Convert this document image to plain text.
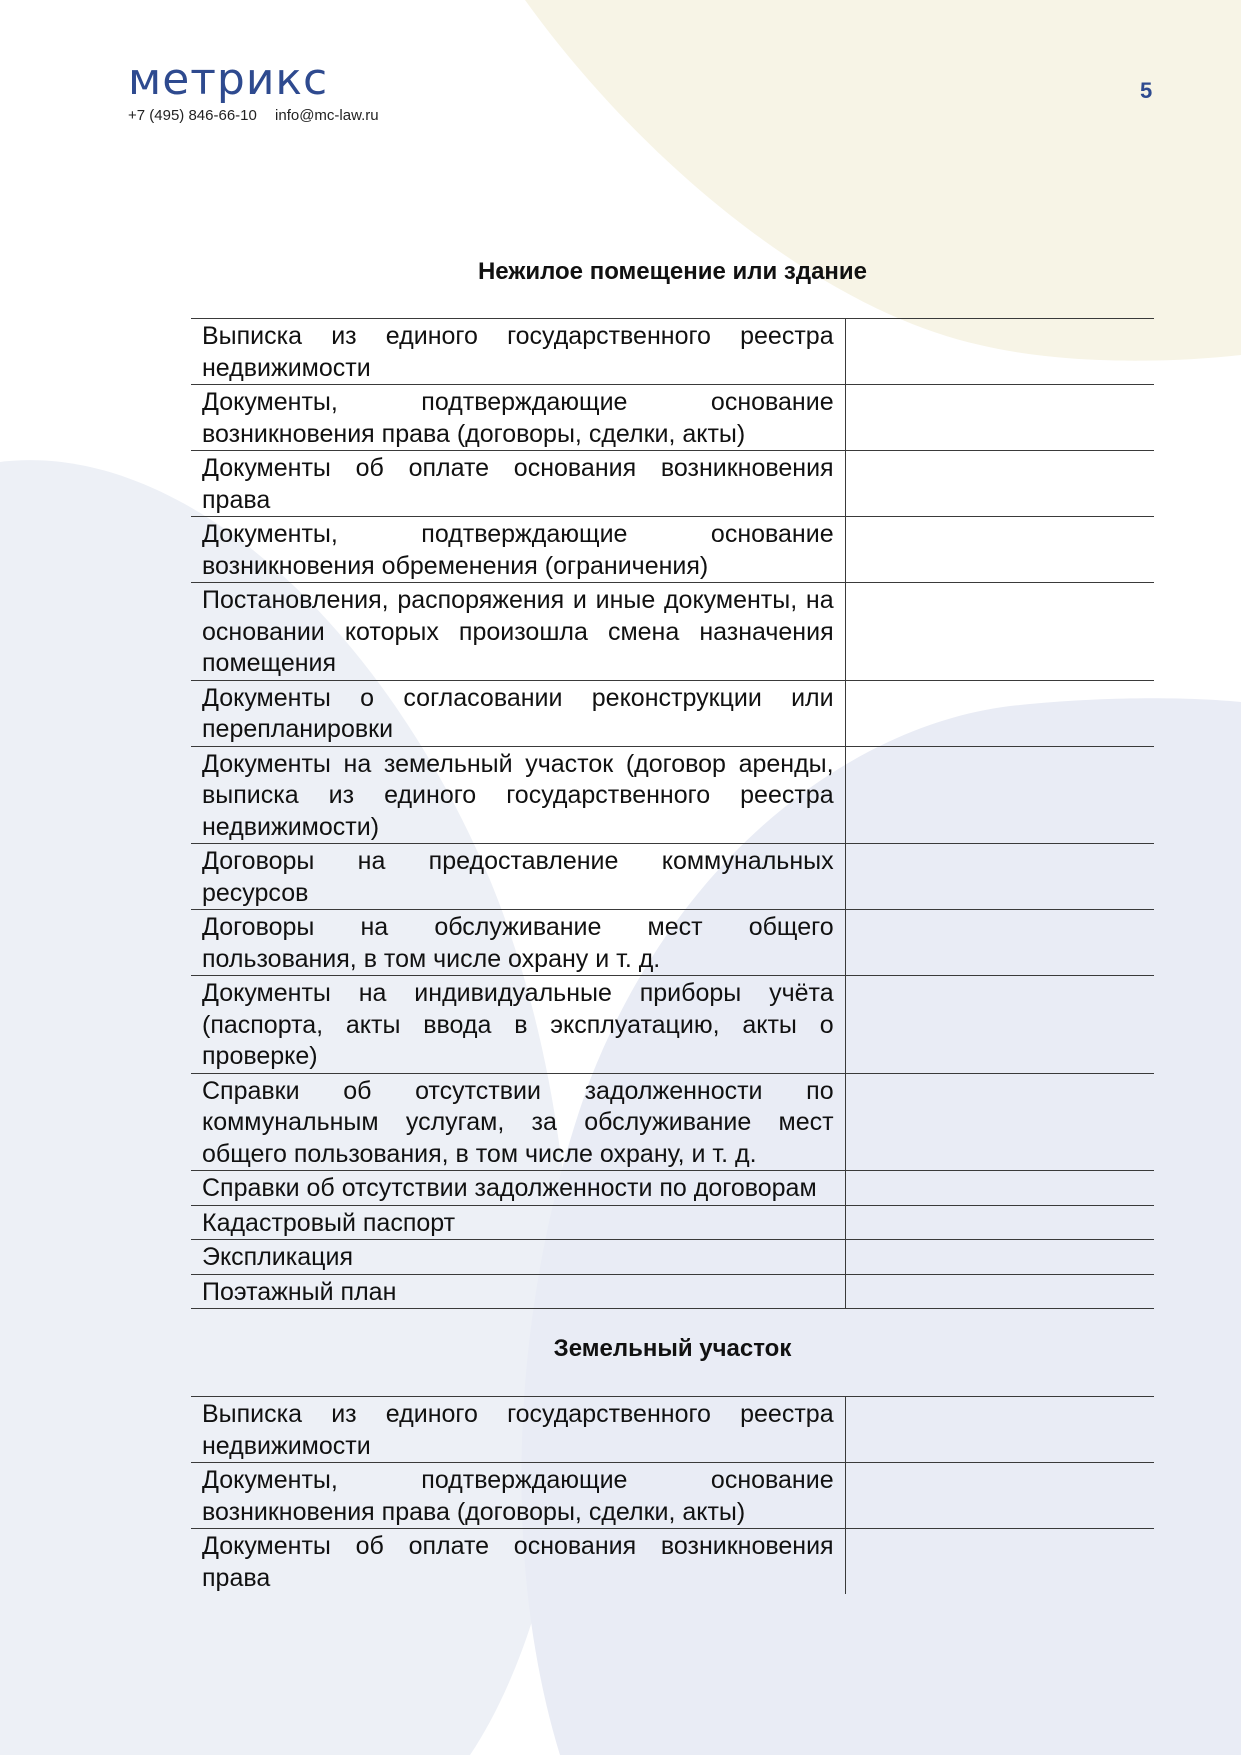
метрикс
+7 (495) 846-66-10 info@mc-law.ru
5
Нежилое помещение или здание
Выписка из единого государственного реестра недвижимости	
Документы, подтверждающие основание возникновения права (договоры, сделки, акты)	
Документы об оплате основания возникновения права	
Документы, подтверждающие основание возникновения обременения (ограничения)	
Постановления, распоряжения и иные документы, на основании которых произошла смена назначения помещения	
Документы о согласовании реконструкции или перепланировки	
Документы на земельный участок (договор аренды, выписка из единого государственного реестра недвижимости)	
Договоры на предоставление коммунальных ресурсов	
Договоры на обслуживание мест общего пользования, в том числе охрану и т. д.	
Документы на индивидуальные приборы учёта (паспорта, акты ввода в эксплуатацию, акты о проверке)	
Справки об отсутствии задолженности по коммунальным услугам, за обслуживание мест общего пользования, в том числе охрану, и т. д.	
Справки об отсутствии задолженности по договорам	
Кадастровый паспорт	
Экспликация	
Поэтажный план	
Земельный участок
Выписка из единого государственного реестра недвижимости	
Документы, подтверждающие основание возникновения права (договоры, сделки, акты)	
Документы об оплате основания возникновения права	
